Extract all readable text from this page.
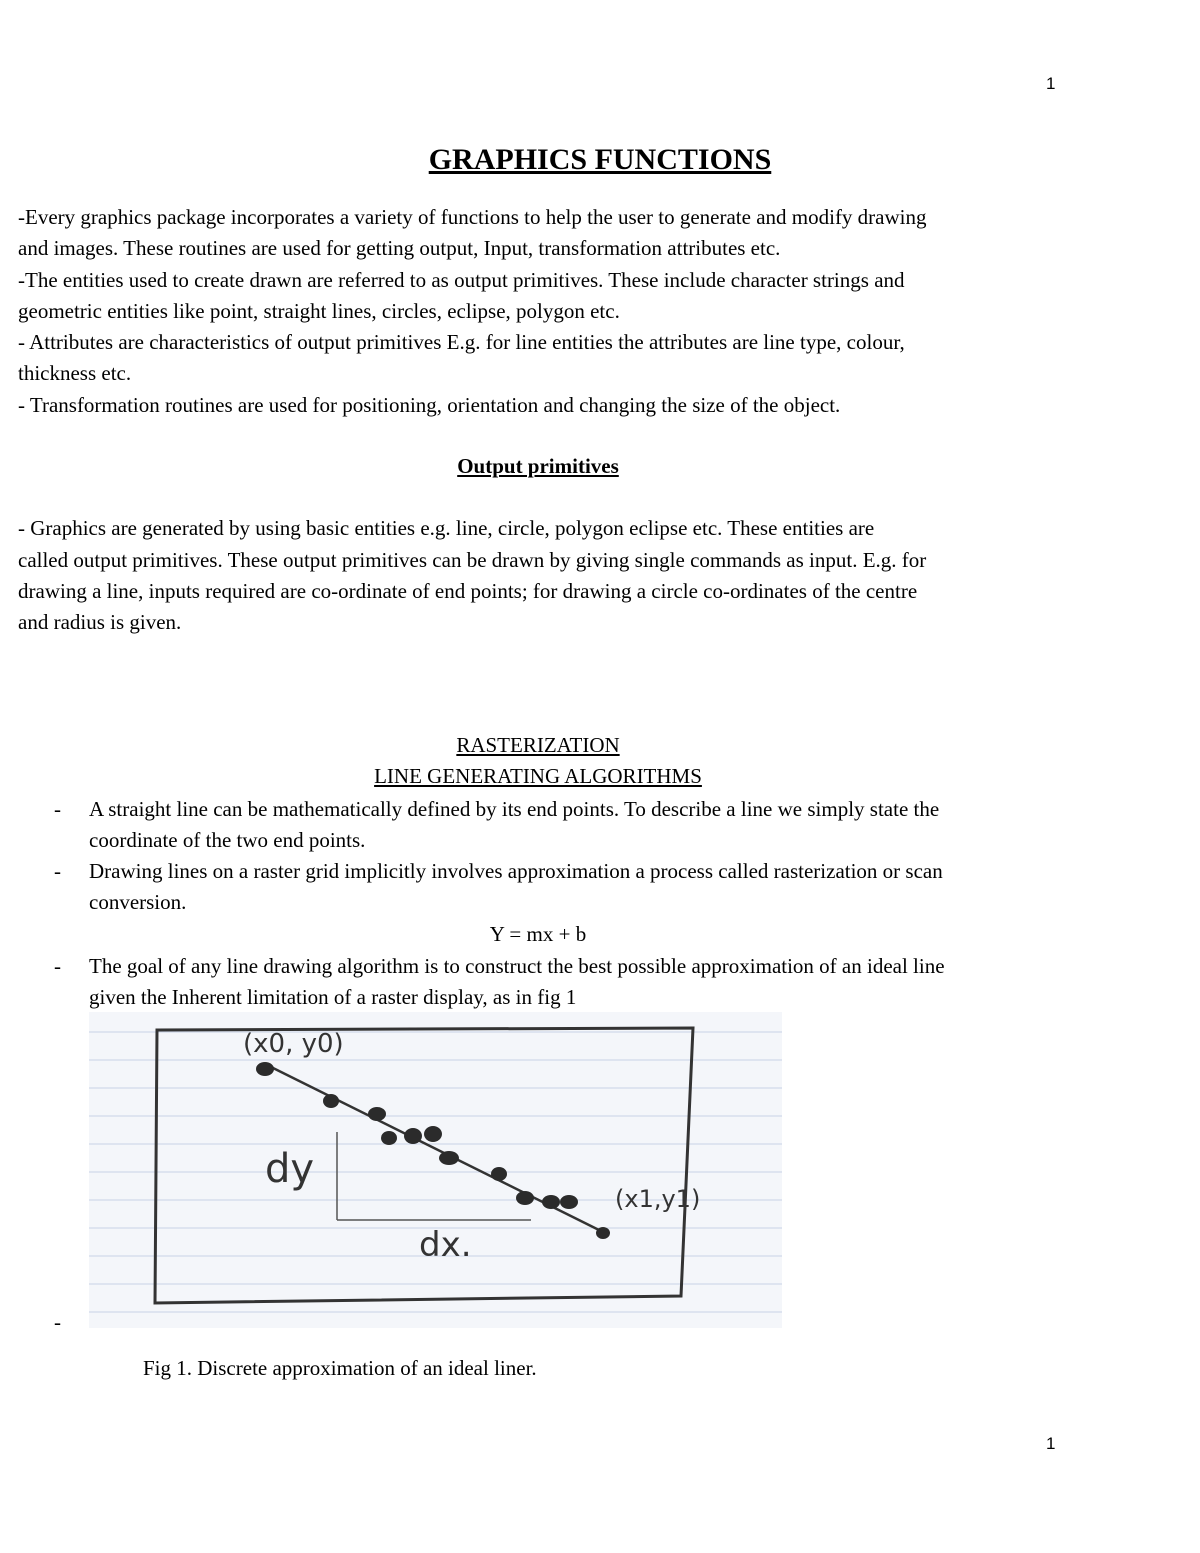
1
GRAPHICS FUNCTIONS
-Every graphics package incorporates a variety of functions to help the user to generate and modify drawing
and images. These routines are used for getting output, Input, transformation attributes etc.
-The entities used to create drawn are referred to as output primitives. These include character strings and
geometric entities like point, straight lines, circles, eclipse, polygon etc.
- Attributes are characteristics of output primitives E.g. for line entities the attributes are line type, colour,
thickness etc.
- Transformation routines are used for positioning, orientation and changing the size of the object.
Output primitives
- Graphics are generated by using basic entities e.g. line, circle, polygon eclipse etc. These entities are
called output primitives. These output primitives can be drawn by giving single commands as input. E.g. for
drawing a line, inputs required are co-ordinate of end points; for drawing a circle co-ordinates of the centre
and radius is given.
RASTERIZATION
LINE GENERATING ALGORITHMS
- A straight line can be mathematically defined by its end points. To describe a line we simply state the
coordinate of the two end points.
- Drawing lines on a raster grid implicitly involves approximation a process called rasterization or scan
conversion.
Y = mx + b
- The goal of any line drawing algorithm is to construct the best possible approximation of an ideal line
given the Inherent limitation of a raster display, as in fig 1
(x0, y0)
(x1,y1)
dy
dx.
-
Fig 1. Discrete approximation of an ideal liner.
1
